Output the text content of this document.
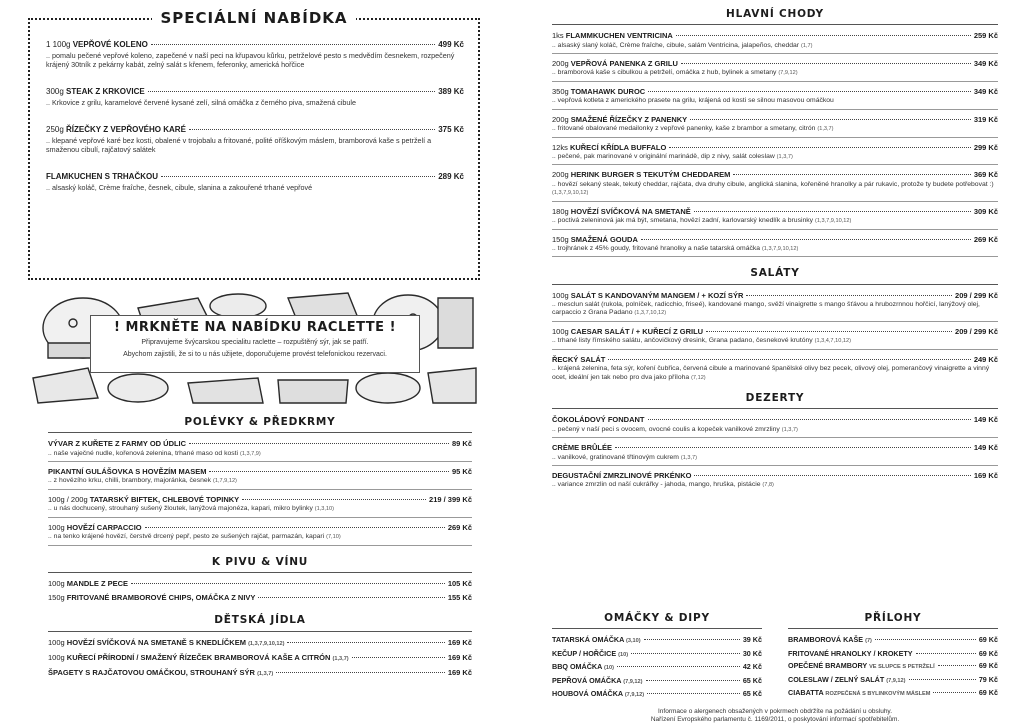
SPECIÁLNÍ NABÍDKA
1 100g VEPŘOVÉ KOLENO	499 Kč
.. pomalu pečené vepřové koleno, zapečené v naší peci na křupavou kůrku, petrželové pesto s medvědím česnekem, rozpečený krájený 30tník z pekárny kabát, zelný salát s křenem, feferonky, americká hořčice
300g STEAK Z KRKOVICE	389 Kč
.. Krkovice z grilu, karamelové červené kysané zelí, silná omáčka z černého piva, smažená cibule
250g ŘÍZEČKY Z VEPŘOVÉHO KARÉ	375 Kč
.. klepané vepřové karé bez kosti, obalené v trojobalu a fritované, polité oříškovým máslem, bramborová kaše s petrželí a smaženou cibulí, rajčatový salátek
FLAMKUCHEN S TRHAČKOU	289 Kč
.. alsaský koláč, Crème fraîche, česnek, cibule, slanina a zakouřené trhané vepřové
! MRKNĚTE NA NABÍDKU RACLETTE !
Připravujeme švýcarskou specialitu raclette – rozpuštěný sýr, jak se patří.
Abychom zajistili, že si to u nás užijete, doporučujeme provést telefonickou rezervaci.
POLÉVKY & PŘEDKRMY
VÝVAR Z KUŘETE Z FARMY OD ÚDLIC	89 Kč
.. naše vaječné nudle, kořenová zelenina, trhané maso od kosti (1,3,7,9)
PIKANTNÍ GULÁŠOVKA S HOVĚZÍM MASEM	95 Kč
.. z hovězího krku, chilli, brambory, majoránka, česnek (1,7,9,12)
100g / 200g TATARSKÝ BIFTEK, CHLEBOVÉ TOPINKY	219 / 399 Kč
.. u nás dochucený, strouhaný sušený žloutek, lanýžová majonéza, kapari, mikro bylinky (1,3,10)
100g HOVĚZÍ CARPACCIO	269 Kč
.. na tenko krájené hovězí, čerstvě drcený pepř, pesto ze sušených rajčat, parmazán, kapari (7,10)
K PIVU & VÍNU
100g MANDLE Z PECE	105 Kč
150g FRITOVANÉ BRAMBOROVÉ CHIPS, OMÁČKA Z NIVY	155 Kč
DĚTSKÁ JÍDLA
100g HOVĚZÍ SVÍČKOVÁ NA SMETANĚ S KNEDLÍČKEM (1,3,7,9,10,12)	169 Kč
100g KUŘECÍ PŘÍRODNÍ / SMAŽENÝ ŘÍZEČEK BRAMBOROVÁ KAŠE A CITRÓN (1,3,7)	169 Kč
ŠPAGETY S RAJČATOVOU OMÁČKOU, STROUHANÝ SÝR (1,3,7)	169 Kč
HLAVNÍ CHODY
1ks FLAMMKUCHEN VENTRICINA	259 Kč
.. alsaský slaný koláč, Crème fraîche, cibule, salám Ventricina, jalapeños, cheddar (1,7)
200g VEPŘOVÁ PANENKA Z GRILU	349 Kč
.. bramborová kaše s cibulkou a petrželí, omáčka z hub, bylinek a smetany (7,9,12)
350g TOMAHAWK DUROC	349 Kč
.. vepřová kotleta z amerického prasete na grilu, krájená od kosti se silnou masovou omáčkou
200g SMAŽENÉ ŘÍZEČKY Z PANENKY	319 Kč
.. fritované obalované medailonky z vepřové panenky, kaše z brambor a smetany, citrón (1,3,7)
12ks KUŘECÍ KŘÍDLA BUFFALO	299 Kč
.. pečené, pak marinované v originální marinádě, dip z nivy, salát coleslaw (1,3,7)
200g HERINK BURGER S TEKUTÝM CHEDDAREM	369 Kč
.. hovězí sekaný steak, tekutý cheddar, rajčata, dva druhy cibule, anglická slanina, kořeněné hranolky a pár rukavic, protože ty budete potřebovat :) (1,3,7,9,10,12)
180g HOVĚZÍ SVÍČKOVÁ NA SMETANĚ	309 Kč
.. poctivá zeleninová jak má být, smetana, hovězí zadní, karlovarský knedlík a brusinky (1,3,7,9,10,12)
150g SMAŽENÁ GOUDA	269 Kč
.. trojhránek z 45% goudy, fritované hranolky a naše tatarská omáčka (1,3,7,9,10,12)
SALÁTY
100g SALÁT S KANDOVANÝM MANGEM / + KOZÍ SÝR	209 / 299 Kč
.. mesclun salát (rukola, polníček, radicchio, friseé), kandované mango, svěží vinaigrette s mango šťávou a hrubozrnnou hořčicí, lanýžový olej, carpaccio z Grana Padano (1,3,7,10,12)
100g CAESAR SALÁT / + KUŘECÍ Z GRILU	209 / 299 Kč
.. trhané listy římského salátu, ančovičkový dresink, Grana padano, česnekové krutóny (1,3,4,7,10,12)
ŘECKÝ SALÁT	249 Kč
.. krájená zelenina, feta sýr, koření čubřica, červená cibule a marinované španělské olivy bez pecek, olivový olej, pomerančový vinaigrette a vinný ocet, ideální jen tak nebo pro dva jako příloha (7,12)
DEZERTY
ČOKOLÁDOVÝ FONDANT	149 Kč
.. pečený v naší peci s ovocem, ovocné coulis a kopeček vanilkové zmrzliny (1,3,7)
CRÈME BRÛLÉE	149 Kč
.. vanilkové, gratinované třtinovým cukrem (1,3,7)
DEGUSTAČNÍ ZMRZLINOVÉ PRKÉNKO	169 Kč
.. variance zmrzlin od naší cukrářky - jahoda, mango, hruška, pistácie (7,8)
OMÁČKY & DIPY
TATARSKÁ OMÁČKA (3,10)	39 Kč
KEČUP / HOŘČICE (10)	30 Kč
BBQ OMÁČKA (10)	42 Kč
PEPŘOVÁ OMÁČKA (7,9,12)	65 Kč
HOUBOVÁ OMÁČKA (7,9,12)	65 Kč
PŘÍLOHY
BRAMBOROVÁ KAŠE (7)	69 Kč
FRITOVANÉ HRANOLKY / KROKETY	69 Kč
OPEČENÉ BRAMBORY VE SLUPCE S PETRŽELÍ	69 Kč
COLESLAW / ZELNÝ SALÁT (7,9,12)	79 Kč
CIABATTA ROZPEČENÁ S BYLINKOVÝM MÁSLEM	69 Kč
Informace o alergenech obsažených v pokrmech obdržíte na požádání u obsluhy.
Nařízení Evropského parlamentu č. 1169/2011, o poskytování informací spotřebitelům.
